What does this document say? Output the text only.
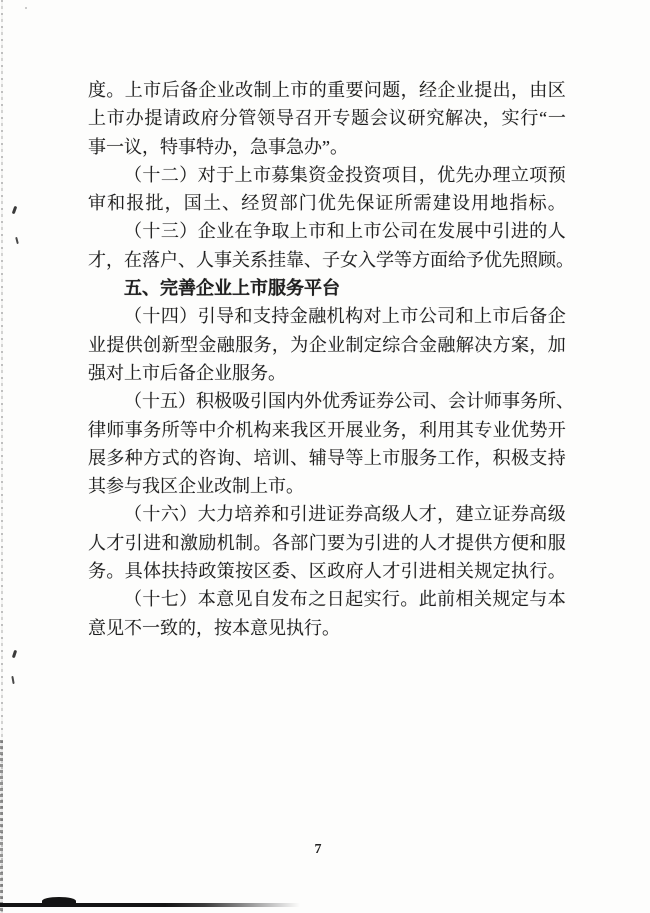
度 。 上 市 后 备 企 业 改 制 上 市 的 重 要 问 题 ， 经 企 业 提 出 ， 由 区
上 市 办 提 请 政 府 分 管 领 导 召 开 专 题 会 议 研 究 解 决 ， 实 行 “ 一
事一议，特事特办，急事急办”。
（ 十 二 ） 对 于 上 市 募 集 资 金 投 资 项 目 ， 优 先 办 理 立 项 预
审 和 报 批 ， 国 土 、 经 贸 部 门 优 先 保 证 所 需 建 设 用 地 指 标 。
（ 十 三 ） 企 业 在 争 取 上 市 和 上 市 公 司 在 发 展 中 引 进 的 人
才 ， 在 落 户 、 人 事 关 系 挂 靠 、 子 女 入 学 等 方 面 给 予 优 先 照 顾 。
五、完善企业上市服务平台
（ 十 四 ） 引 导 和 支 持 金 融 机 构 对 上 市 公 司 和 上 市 后 备 企
业 提 供 创 新 型 金 融 服 务 ， 为 企 业 制 定 综 合 金 融 解 决 方 案 ， 加
强对上市后备企业服务。
（ 十 五 ） 积 极 吸 引 国 内 外 优 秀 证 券 公 司 、 会 计 师 事 务 所 、
律 师 事 务 所 等 中 介 机 构 来 我 区 开 展 业 务 ， 利 用 其 专 业 优 势 开
展 多 种 方 式 的 咨 询 、 培 训 、 辅 导 等 上 市 服 务 工 作 ， 积 极 支 持
其参与我区企业改制上市。
（ 十 六 ） 大 力 培 养 和 引 进 证 券 高 级 人 才 ， 建 立 证 券 高 级
人 才 引 进 和 激 励 机 制 。 各 部 门 要 为 引 进 的 人 才 提 供 方 便 和 服
务 。 具 体 扶 持 政 策 按 区 委 、 区 政 府 人 才 引 进 相 关 规 定 执 行 。
（ 十 七 ） 本 意 见 自 发 布 之 日 起 实 行 。 此 前 相 关 规 定 与 本
意见不一致的，按本意见执行。
7
